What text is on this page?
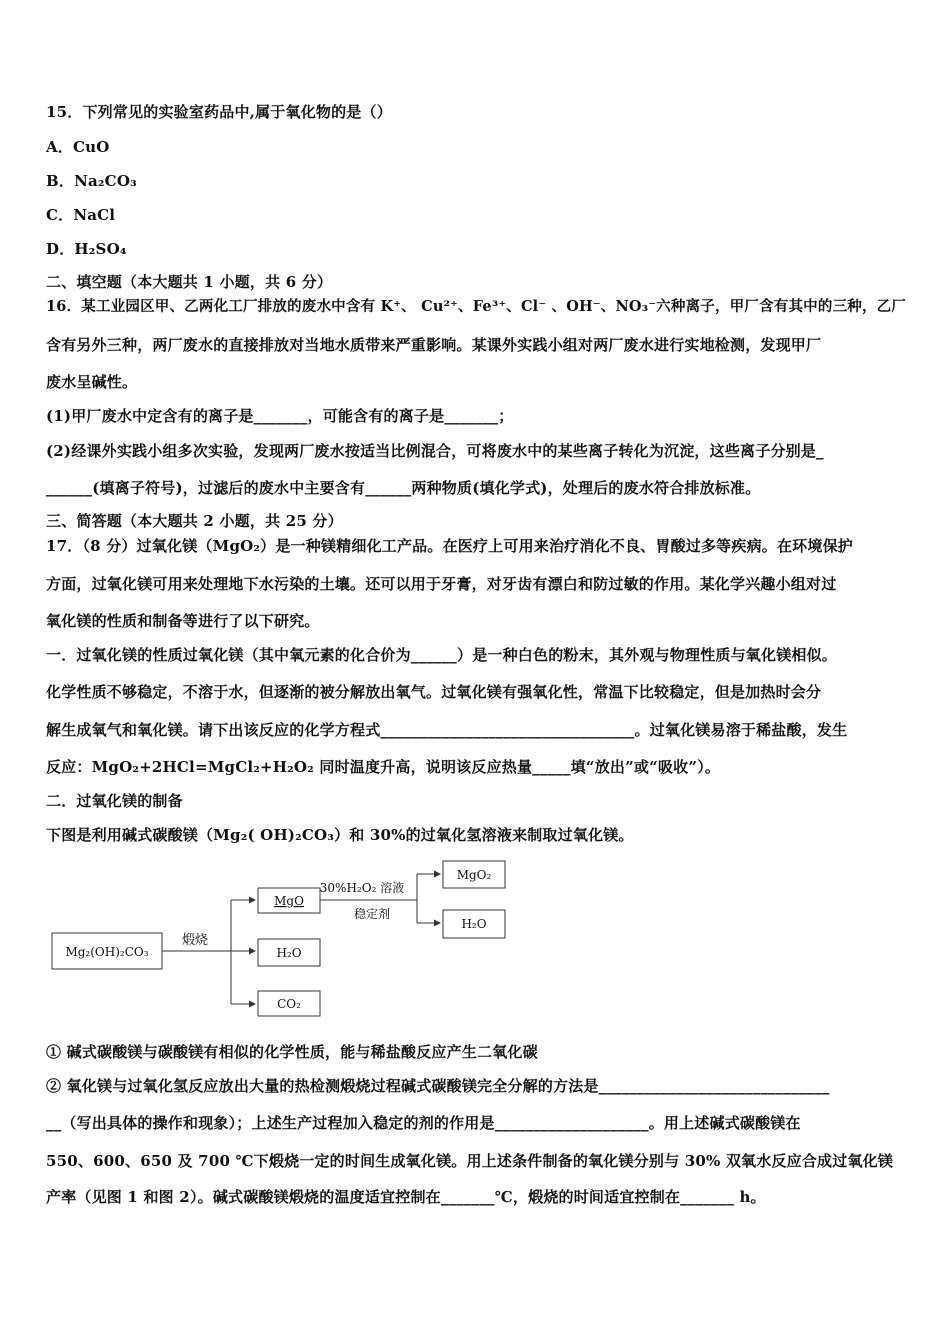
15．下列常见的实验室药品中,属于氧化物的是（）
A．CuO
B．Na₂CO₃
C．NaCl
D．H₂SO₄
二、填空题（本大题共 1 小题，共 6 分）
16．某工业园区甲、乙两化工厂排放的废水中含有 K⁺、 Cu²⁺、Fe³⁺、Cl⁻ 、OH⁻、NO₃⁻六种离子，甲厂含有其中的三种，乙厂
含有另外三种，两厂废水的直接排放对当地水质带来严重影响。某课外实践小组对两厂废水进行实地检测，发现甲厂
废水呈碱性。
(1)甲厂废水中定含有的离子是_______，可能含有的离子是_______；
(2)经课外实践小组多次实验，发现两厂废水按适当比例混合，可将废水中的某些离子转化为沉淀，这些离子分别是_
______(填离子符号)，过滤后的废水中主要含有______两种物质(填化学式)，处理后的废水符合排放标准。
三、简答题（本大题共 2 小题，共 25 分）
17．（8 分）过氧化镁（MgO₂）是一种镁精细化工产品。在医疗上可用来治疗消化不良、胃酸过多等疾病。在环境保护
方面，过氧化镁可用来处理地下水污染的土壤。还可以用于牙膏，对牙齿有漂白和防过敏的作用。某化学兴趣小组对过
氧化镁的性质和制备等进行了以下研究。
一．过氧化镁的性质过氧化镁（其中氧元素的化合价为______）是一种白色的粉末，其外观与物理性质与氧化镁相似。
化学性质不够稳定，不溶于水，但逐渐的被分解放出氧气。过氧化镁有强氧化性，常温下比较稳定，但是加热时会分
解生成氧气和氧化镁。请下出该反应的化学方程式_________________________________。过氧化镁易溶于稀盐酸，发生
反应：MgO₂+2HCl=MgCl₂+H₂O₂ 同时温度升高，说明该反应热量_____填“放出”或“吸收”）。
二．过氧化镁的制备
下图是利用碱式碳酸镁（Mg₂( OH)₂CO₃）和 30%的过氧化氢溶液来制取过氧化镁。
Mg₂(OH)₂CO₃
煅烧
MgO
H₂O
CO₂
30%H₂O₂ 溶液
稳定剂
MgO₂
H₂O
① 碱式碳酸镁与碳酸镁有相似的化学性质，能与稀盐酸反应产生二氧化碳
② 氧化镁与过氧化氢反应放出大量的热检测煅烧过程碱式碳酸镁完全分解的方法是______________________________
__（写出具体的操作和现象）；上述生产过程加入稳定的剂的作用是____________________。用上述碱式碳酸镁在
550、600、650 及 700 ℃下煅烧一定的时间生成氧化镁。用上述条件制备的氧化镁分别与 30% 双氧水反应合成过氧化镁
产率（见图 1 和图 2）。碱式碳酸镁煅烧的温度适宜控制在_______℃，煅烧的时间适宜控制在_______ h。
